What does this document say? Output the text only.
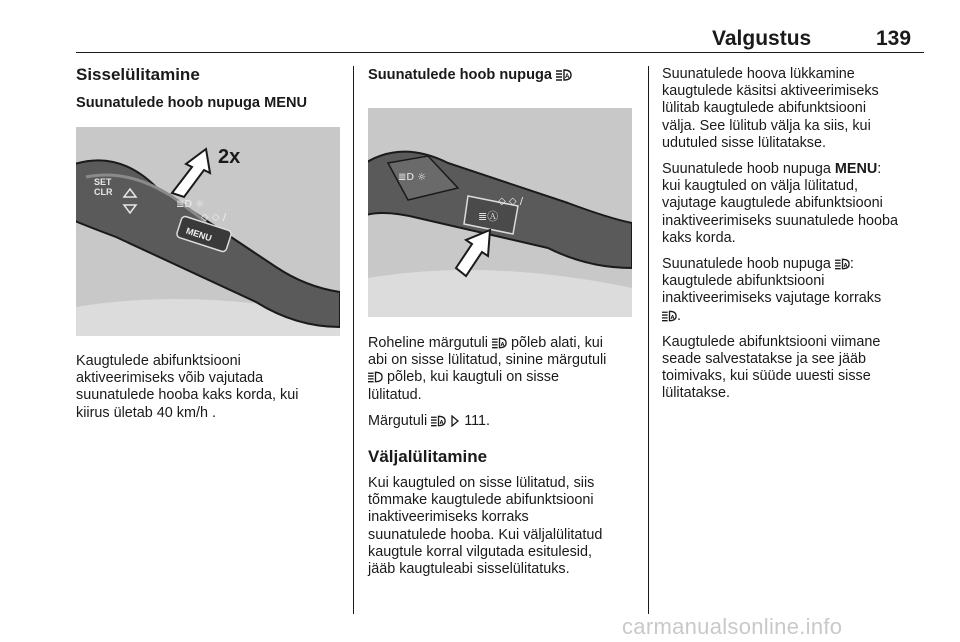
Valgustus	139
Sisselülitamine
Suunatulede hoob nupuga MENU
SET
CLR
MENU
≣D ☼
◇ ◇ /
2x

Kaugtulede abifunktsiooni

aktiveerimiseks võib vajutada

suunatulede hooba kaks korda, kui

kiirus ületab 40 km/h .

Suunatulede hoob nupuga A
≣D ☼
≣Ⓐ
◇ ◇ /

Roheline märgutuli A põleb alati, kui

abi on sisse lülitatud, sinine märgutuli

põleb, kui kaugtuli on sisse

lülitatud.

Märgutuli A 111.

Väljalülitamine

Kui kaugtuled on sisse lülitatud, siis

tõmmake kaugtulede abifunktsiooni

inaktiveerimiseks korraks

suunatulede hooba. Kui väljalülitatud

kaugtule korral vilgutada esitulesid,

jääb kaugtuleabi sisselülitatuks.

Suunatulede hoova lükkamine

kaugtulede käsitsi aktiveerimiseks

lülitab kaugtulede abifunktsiooni

välja. See lülitub välja ka siis, kui

udutuled sisse lülitatakse.

Suunatulede hoob nupuga MENU:

kui kaugtuled on välja lülitatud,

vajutage kaugtulede abifunktsiooni

inaktiveerimiseks suunatulede hooba

kaks korda.

Suunatulede hoob nupuga A :

kaugtulede abifunktsiooni

inaktiveerimiseks vajutage korraks

A .

Kaugtulede abifunktsiooni viimane

seade salvestatakse ja see jääb

toimivaks, kui süüde uuesti sisse

lülitatakse.

carmanualsonline.info
